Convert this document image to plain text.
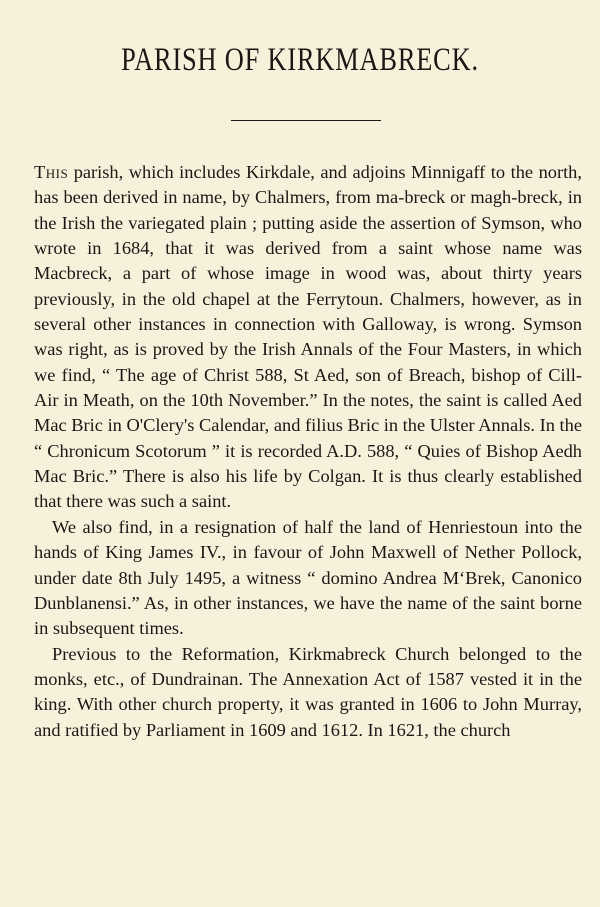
PARISH OF KIRKMABRECK.

This parish, which includes Kirkdale, and adjoins Minnigaff to the north, has been derived in name, by Chalmers, from ma-breck or magh-breck, in the Irish the variegated plain ; putting aside the assertion of Symson, who wrote in 1684, that it was derived from a saint whose name was Macbreck, a part of whose image in wood was, about thirty years previously, in the old chapel at the Ferrytoun. Chalmers, however, as in several other instances in connection with Galloway, is wrong. Symson was right, as is proved by the Irish Annals of the Four Masters, in which we find, “ The age of Christ 588, St Aed, son of Breach, bishop of Cill-Air in Meath, on the 10th November.” In the notes, the saint is called Aed Mac Bric in O'Clery's Calendar, and filius Bric in the Ulster Annals. In the “ Chronicum Scotorum ” it is recorded A.D. 588, “ Quies of Bishop Aedh Mac Bric.” There is also his life by Colgan. It is thus clearly established that there was such a saint.

We also find, in a resignation of half the land of Henriestoun into the hands of King James IV., in favour of John Maxwell of Nether Pollock, under date 8th July 1495, a witness “ domino Andrea M‘Brek, Canonico Dunblanensi.” As, in other instances, we have the name of the saint borne in subsequent times.

Previous to the Reformation, Kirkmabreck Church belonged to the monks, etc., of Dundrainan. The Annexation Act of 1587 vested it in the king. With other church property, it was granted in 1606 to John Murray, and ratified by Parliament in 1609 and 1612. In 1621, the church
